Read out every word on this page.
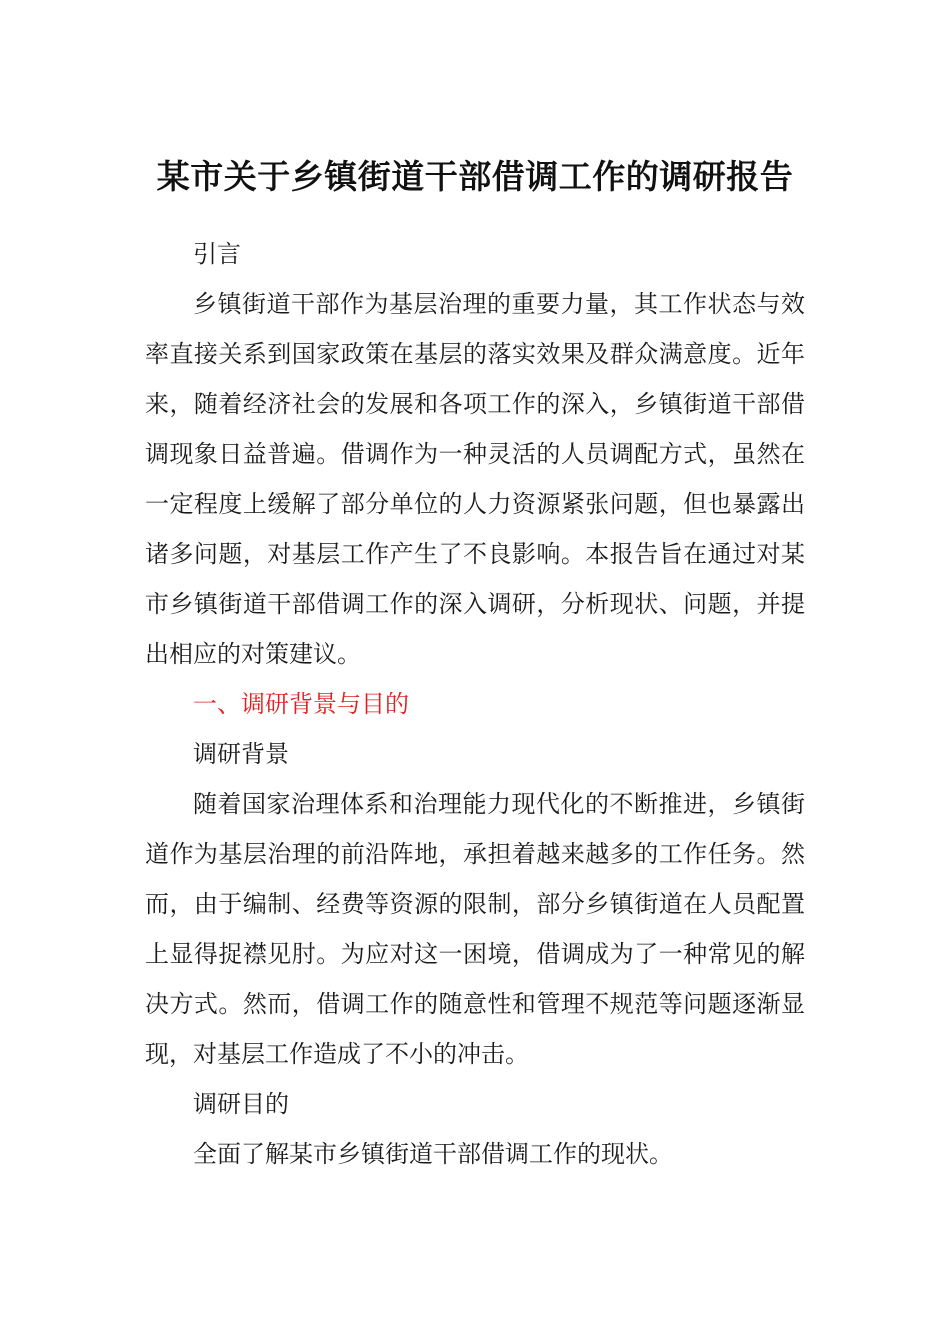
某市关于乡镇街道干部借调工作的调研报告

引言

乡镇街道干部作为基层治理的重要力量，其工作状态与效率直接关系到国家政策在基层的落实效果及群众满意度。近年来，随着经济社会的发展和各项工作的深入，乡镇街道干部借调现象日益普遍。借调作为一种灵活的人员调配方式，虽然在一定程度上缓解了部分单位的人力资源紧张问题，但也暴露出诸多问题，对基层工作产生了不良影响。本报告旨在通过对某市乡镇街道干部借调工作的深入调研，分析现状、问题，并提出相应的对策建议。

一、调研背景与目的

调研背景

随着国家治理体系和治理能力现代化的不断推进，乡镇街道作为基层治理的前沿阵地，承担着越来越多的工作任务。然而，由于编制、经费等资源的限制，部分乡镇街道在人员配置上显得捉襟见肘。为应对这一困境，借调成为了一种常见的解决方式。然而，借调工作的随意性和管理不规范等问题逐渐显现，对基层工作造成了不小的冲击。

调研目的

全面了解某市乡镇街道干部借调工作的现状。
